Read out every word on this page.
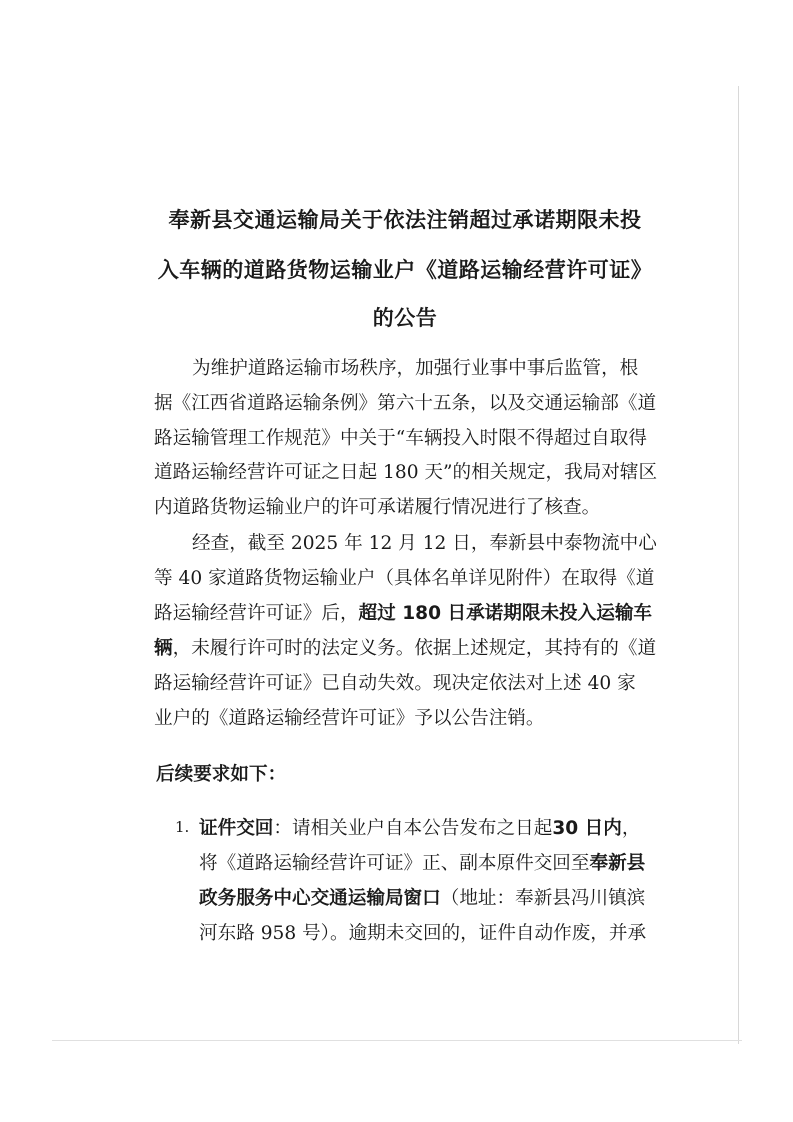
奉新县交通运输局关于依法注销超过承诺期限未投
入车辆的道路货物运输业户《道路运输经营许可证》
的公告
为维护道路运输市场秩序，加强行业事中事后监管，根
据《江西省道路运输条例》第六十五条，以及交通运输部《道
路运输管理工作规范》中关于“车辆投入时限不得超过自取得
道路运输经营许可证之日起 180 天”的相关规定，我局对辖区
内道路货物运输业户的许可承诺履行情况进行了核查。
经查，截至 2025 年 12 月 12 日，奉新县中泰物流中心
等 40 家道路货物运输业户（具体名单详见附件）在取得《道
路运输经营许可证》后，超过 180 日承诺期限未投入运输车
辆，未履行许可时的法定义务。依据上述规定，其持有的《道
路运输经营许可证》已自动失效。现决定依法对上述 40 家
业户的《道路运输经营许可证》予以公告注销。
后续要求如下：
1. 证件交回：请相关业户自本公告发布之日起30 日内，
将《道路运输经营许可证》正、副本原件交回至奉新县
政务服务中心交通运输局窗口（地址：奉新县冯川镇滨
河东路 958 号）。逾期未交回的，证件自动作废，并承
